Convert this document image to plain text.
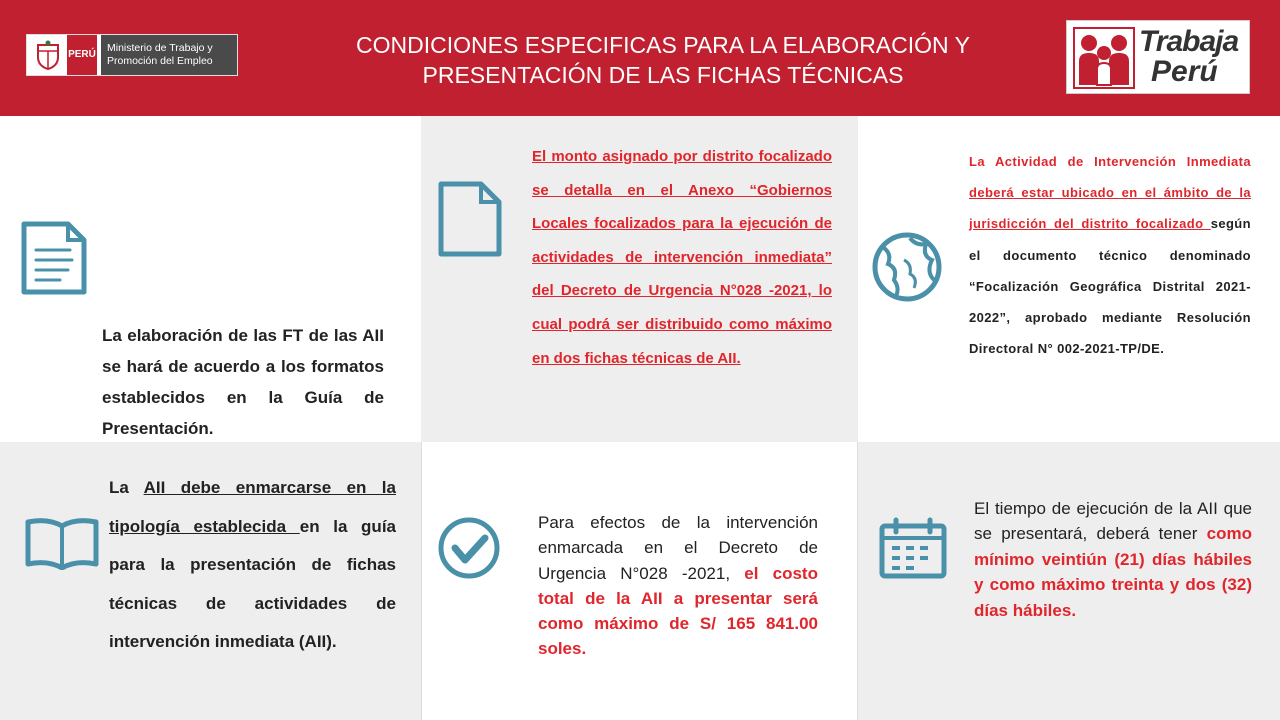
PERÚ
Ministerio de Trabajo y Promoción del Empleo
CONDICIONES ESPECIFICAS PARA LA ELABORACIÓN Y PRESENTACIÓN DE LAS FICHAS TÉCNICAS
Trabaja
Perú
La elaboración de las FT de las AII se hará de acuerdo a los formatos establecidos en la Guía de Presentación.
El monto asignado por distrito focalizado se detalla en el Anexo “Gobiernos Locales focalizados para la ejecución de actividades de intervención inmediata” del Decreto de Urgencia N°028 -2021, lo cual podrá ser distribuido como máximo en dos fichas técnicas de AII.
La Actividad de Intervención Inmediata deberá estar ubicado en el ámbito de la jurisdicción del distrito focalizado según el documento técnico denominado “Focalización Geográfica Distrital 2021-2022”, aprobado mediante Resolución Directoral N° 002-2021-TP/DE.
La AII debe enmarcarse en la tipología establecida en la guía para la presentación de fichas técnicas de actividades de intervención inmediata (AII).
Para efectos de la intervención enmarcada en el Decreto de Urgencia N°028 -2021, el costo total de la AII a presentar será como máximo de S/ 165 841.00 soles.
El tiempo de ejecución de la AII que se presentará, deberá tener como mínimo veintiún (21) días hábiles y como máximo treinta y dos (32) días hábiles.
